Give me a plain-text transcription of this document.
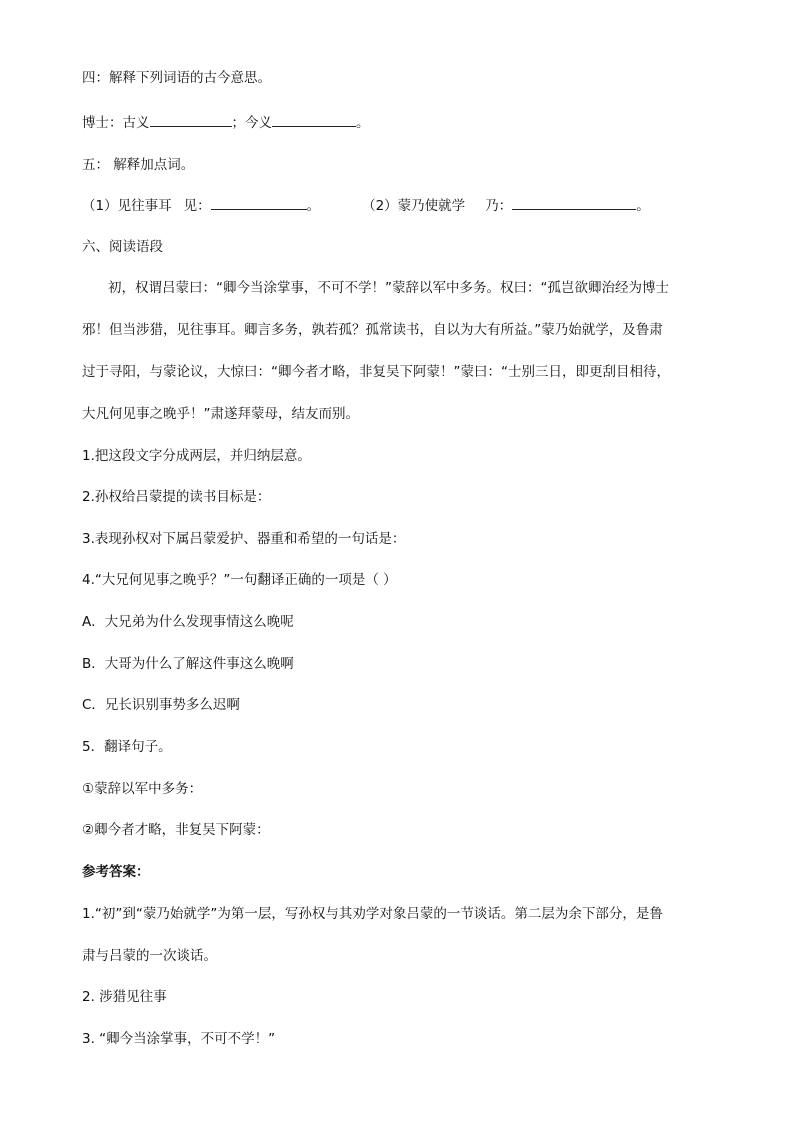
四：解释下列词语的古今意思。
博士：古义	；今义	。
五： 解释加点词。
（1）见往事耳 见：	。	（2）蒙乃使就学 乃：	。
六、阅读语段
初，权谓吕蒙曰：“卿今当涂掌事，不可不学！”蒙辞以军中多务。权曰：“孤岂欲卿治经为博士
邪！但当涉猎，见往事耳。卿言多务，孰若孤？孤常读书，自以为大有所益。”蒙乃始就学，及鲁肃
过于寻阳，与蒙论议，大惊曰：“卿今者才略，非复吴下阿蒙！”蒙曰：“士别三日，即更刮目相待，
大凡何见事之晚乎！”肃遂拜蒙母，结友而别。
1.把这段文字分成两层，并归纳层意。
2.孙权给吕蒙提的读书目标是：
3.表现孙权对下属吕蒙爱护、器重和希望的一句话是：
4.“大兄何见事之晚乎？”一句翻译正确的一项是（ ）
A．大兄弟为什么发现事情这么晚呢
B．大哥为什么了解这件事这么晚啊
C．兄长识别事势多么迟啊
5．翻译句子。
①蒙辞以军中多务：
②卿今者才略，非复吴下阿蒙：
参考答案：
1.“初”到“蒙乃始就学”为第一层，写孙权与其劝学对象吕蒙的一节谈话。第二层为余下部分，是鲁
肃与吕蒙的一次谈话。
2. 涉猎见往事
3. “卿今当涂掌事，不可不学！”
